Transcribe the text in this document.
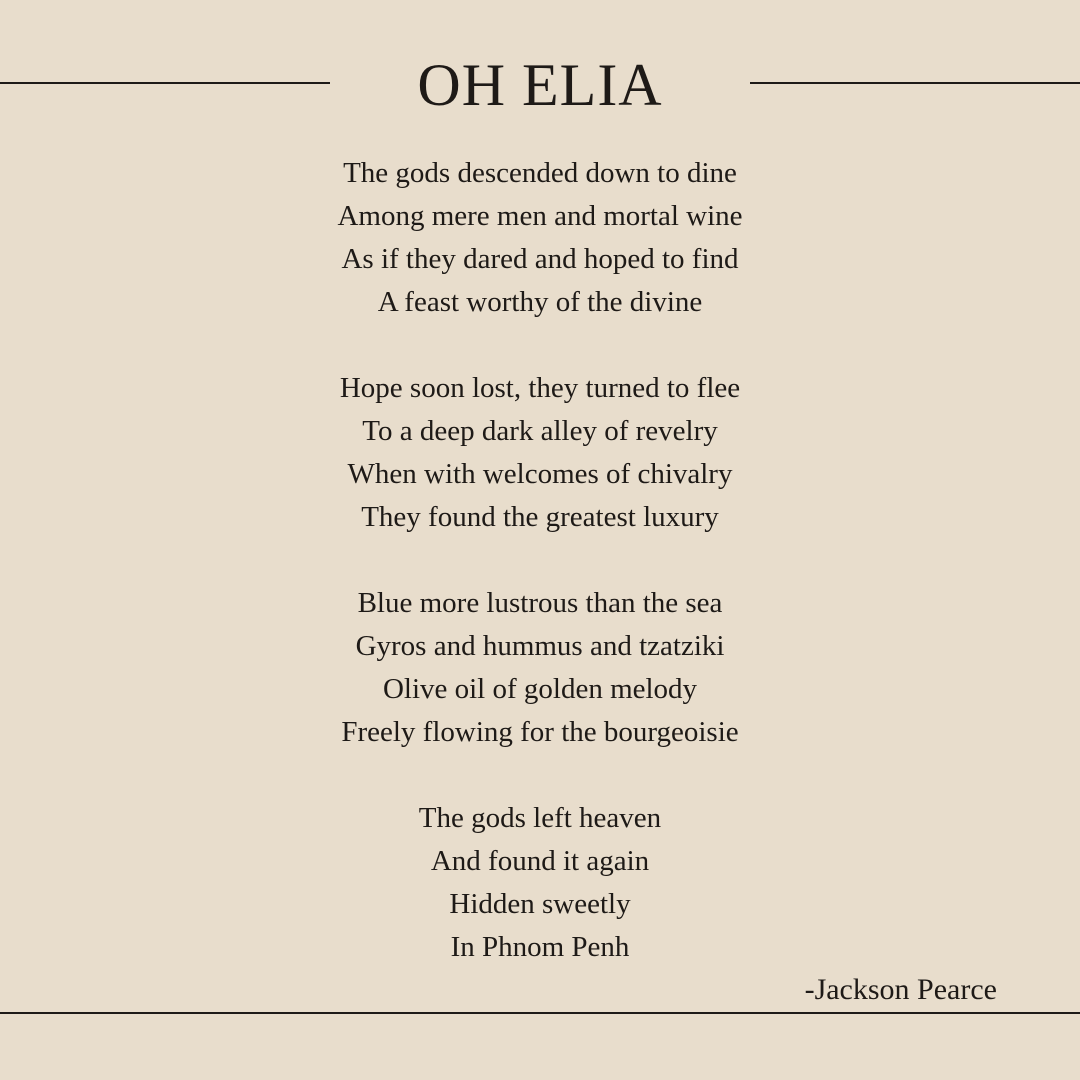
OH ELIA
The gods descended down to dine
Among mere men and mortal wine
As if they dared and hoped to find
A feast worthy of the divine
Hope soon lost, they turned to flee
To a deep dark alley of revelry
When with welcomes of chivalry
They found the greatest luxury
Blue more lustrous than the sea
Gyros and hummus and tzatziki
Olive oil of golden melody
Freely flowing for the bourgeoisie
The gods left heaven
And found it again
Hidden sweetly
In Phnom Penh
-Jackson Pearce
